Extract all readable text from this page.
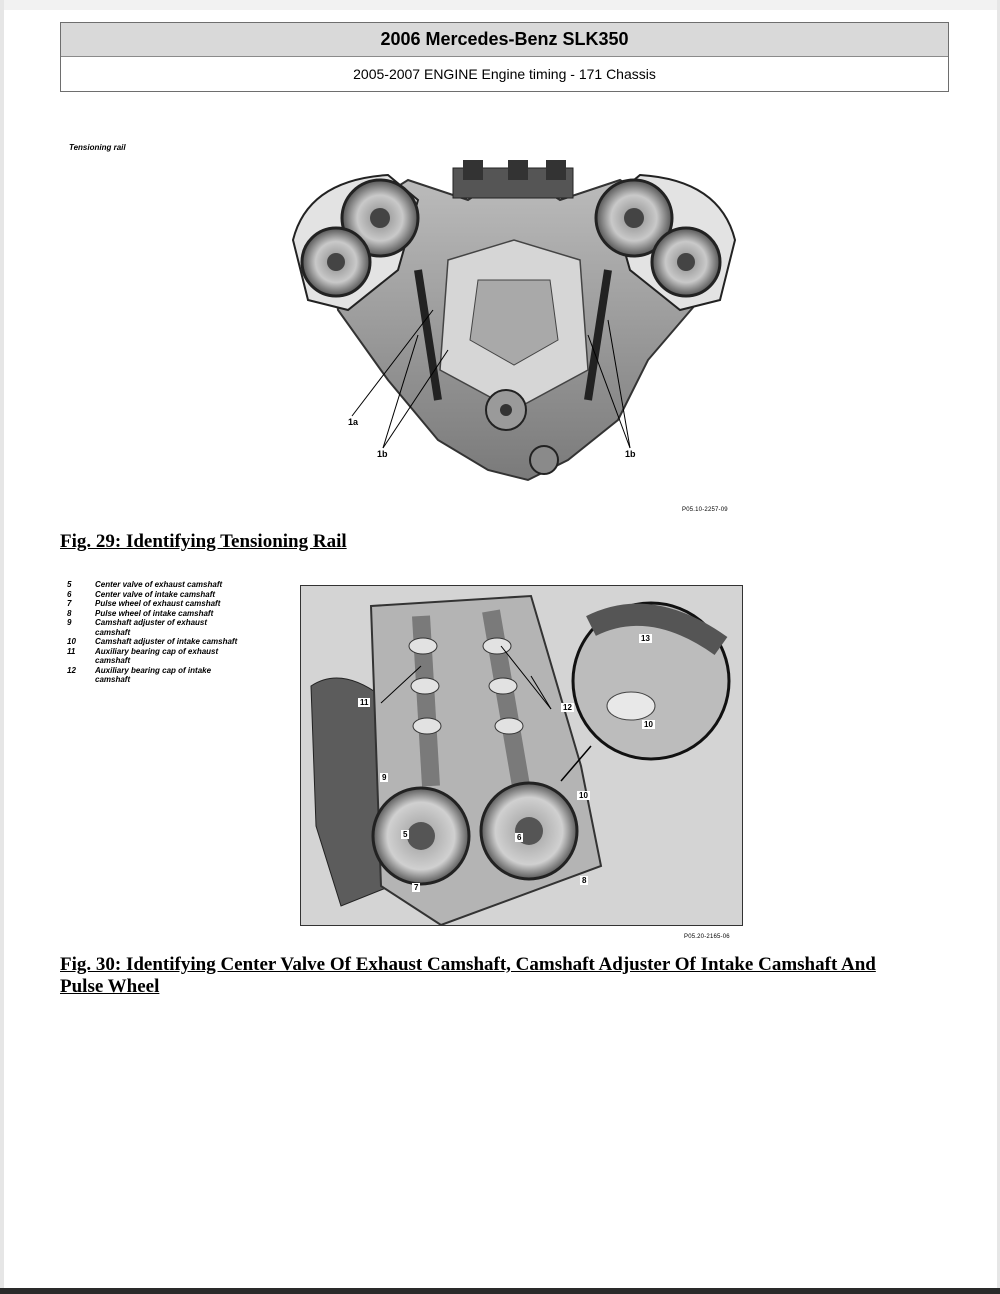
2006 Mercedes-Benz SLK350
2005-2007 ENGINE Engine timing - 171 Chassis
Tensioning rail
1a
1b	1b
P05.10-2257-09
Fig. 29: Identifying Tensioning Rail
5	Center valve of exhaust camshaft
6	Center valve of intake camshaft
7	Pulse wheel of exhaust camshaft
8	Pulse wheel of intake camshaft
9	Camshaft adjuster of exhaust camshaft
10	Camshaft adjuster of intake camshaft
11	Auxiliary bearing cap of exhaust camshaft
12	Auxiliary bearing cap of intake camshaft
11
12
13
10
9
10
5	6
7
8
P05.20-2165-06
Fig. 30: Identifying Center Valve Of Exhaust Camshaft, Camshaft Adjuster Of Intake Camshaft And
Pulse Wheel
